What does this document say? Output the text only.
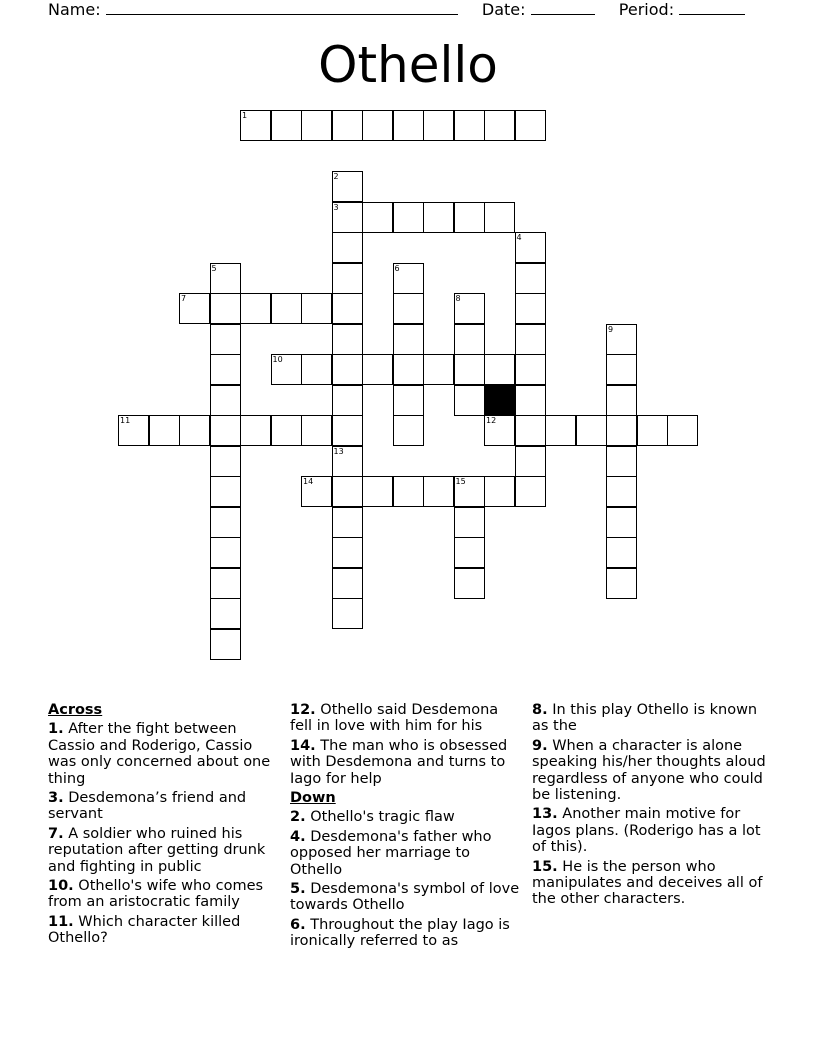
Name:	Date:	Period:
Othello
1
2
3
13
4
5	6
7	8
9
10
11	12
14	15
Across
1. After the fight between Cassio and Roderigo, Cassio was only concerned about one thing
3. Desdemona’s friend and servant
7. A soldier who ruined his reputation after getting drunk and fighting in public
10. Othello's wife who comes from an aristocratic family
11. Which character killed Othello?
12. Othello said Desdemona fell in love with him for his
14. The man who is obsessed with Desdemona and turns to Iago for help
Down
2. Othello's tragic flaw
4. Desdemona's father who opposed her marriage to Othello
5. Desdemona's symbol of love towards Othello
6. Throughout the play Iago is ironically referred to as
8. In this play Othello is known as the
9. When a character is alone speaking his/her thoughts aloud regardless of anyone who could be listening.
13. Another main motive for Iagos plans. (Roderigo has a lot of this).
15. He is the person who manipulates and deceives all of the other characters.
